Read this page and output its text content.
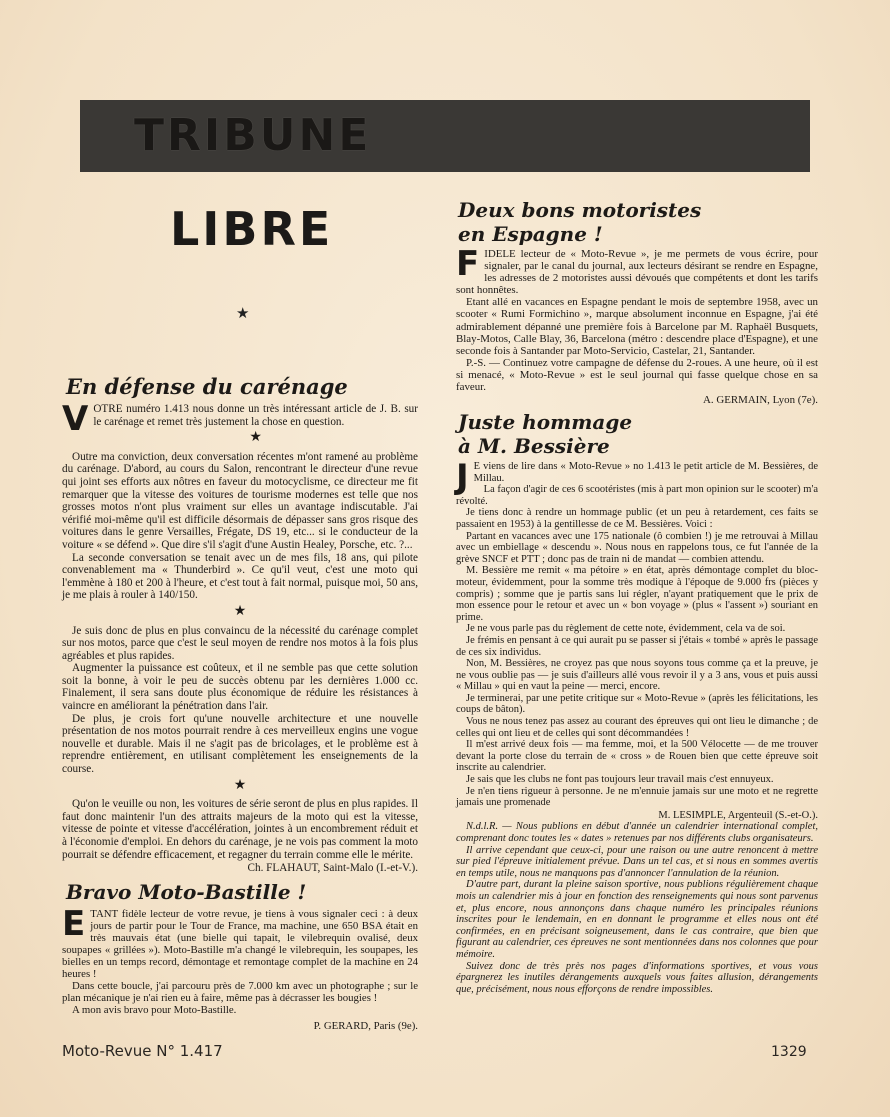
TRIBUNE
LIBRE
★
En défense du carénage

V OTRE numéro 1.413 nous donne un très intéressant article de J. B. sur le carénage et remet très justement la chose en question.

★

Outre ma conviction, deux conversation récentes m'ont ramené au problème du carénage. D'abord, au cours du Salon, rencontrant le directeur d'une revue qui joint ses efforts aux nôtres en faveur du motocyclisme, ce directeur me fit remarquer que la vitesse des voitures de tourisme modernes est telle que nos grosses motos n'ont plus vraiment sur elles un avantage indiscutable. J'ai vérifié moi-même qu'il est difficile désormais de dépasser sans gros risque des voitures dans le genre Versailles, Frégate, DS 19, etc... si le conducteur de la voiture « se défend ». Que dire s'il s'agit d'une Austin Healey, Porsche, etc. ?...

La seconde conversation se tenait avec un de mes fils, 18 ans, qui pilote convenablement ma « Thunderbird ». Ce qu'il veut, c'est une moto qui l'emmène à 180 et 200 à l'heure, et c'est tout à fait normal, puisque moi, 50 ans, je me plais à rouler à 140/150.

★

Je suis donc de plus en plus convaincu de la nécessité du carénage complet sur nos motos, parce que c'est le seul moyen de rendre nos motos à la fois plus agréables et plus rapides.

Augmenter la puissance est coûteux, et il ne semble pas que cette solution soit la bonne, à voir le peu de succès obtenu par les dernières 1.000 cc. Finalement, il sera sans doute plus économique de réduire les résistances à vaincre en améliorant la pénétration dans l'air.

De plus, je crois fort qu'une nouvelle architecture et une nouvelle présentation de nos motos pourrait rendre à ces merveilleux engins une vogue nouvelle et durable. Mais il ne s'agit pas de bricolages, et le problème est à reprendre entièrement, en utilisant complètement les enseignements de la course.

★

Qu'on le veuille ou non, les voitures de série seront de plus en plus rapides. Il faut donc maintenir l'un des attraits majeurs de la moto qui est la vitesse, vitesse de pointe et vitesse d'accélération, jointes à un encombrement réduit et à l'économie d'emploi. En dehors du carénage, je ne vois pas comment la moto pourrait se défendre efficacement, et regagner du terrain comme elle le mérite.

Ch. FLAHAUT, Saint-Malo (I.-et-V.).

Bravo Moto-Bastille !

E TANT fidèle lecteur de votre revue, je tiens à vous signaler ceci : à deux jours de partir pour le Tour de France, ma machine, une 650 BSA était en très mauvais état (une bielle qui tapait, le vilebrequin ovalisé, deux soupapes « grillées »). Moto-Bastille m'a changé le vilebrequin, les soupapes, les bielles en un temps record, démontage et remontage complet de la machine en 24 heures !

Dans cette boucle, j'ai parcouru près de 7.000 km avec un photographe ; sur le plan mécanique je n'ai rien eu à faire, même pas à décrasser les bougies !

A mon avis bravo pour Moto-Bastille.

P. GERARD, Paris (9e).

Deux bons motoristes
en Espagne !

F IDELE lecteur de « Moto-Revue », je me permets de vous écrire, pour signaler, par le canal du journal, aux lecteurs désirant se rendre en Espagne, les adresses de 2 motoristes aussi dévoués que compétents et dont les tarifs sont honnêtes.

Etant allé en vacances en Espagne pendant le mois de septembre 1958, avec un scooter « Rumi Formichino », marque absolument inconnue en Espagne, j'ai été admirablement dépanné une première fois à Barcelone par M. Raphaël Busquets, Blay-Motos, Calle Blay, 36, Barcelona (métro : descendre place d'Espagne), et une seconde fois à Santander par Moto-Servicio, Castelar, 21, Santander.

P.-S. — Continuez votre campagne de défense du 2-roues. A une heure, où il est si menacé, « Moto-Revue » est le seul journal qui fasse quelque chose en sa faveur.

A. GERMAIN, Lyon (7e).

Juste hommage
à M. Bessière

J E viens de lire dans « Moto-Revue » no 1.413 le petit article de M. Bessières, de Millau.

La façon d'agir de ces 6 scootéristes (mis à part mon opinion sur le scooter) m'a révolté.

Je tiens donc à rendre un hommage public (et un peu à retardement, ces faits se passaient en 1953) à la gentillesse de ce M. Bessières. Voici :

Partant en vacances avec une 175 nationale (ô combien !) je me retrouvai à Millau avec un embiellage « descendu ». Nous nous en rappelons tous, ce fut l'année de la grève SNCF et PTT ; donc pas de train ni de mandat — combien attendu.

M. Bessière me remit « ma pétoire » en état, après démontage complet du bloc-moteur, évidemment, pour la somme très modique à l'époque de 9.000 frs (pièces y compris) ; somme que je partis sans lui régler, n'ayant pratiquement que le prix de mon essence pour le retour et avec un « bon voyage » (plus « l'assent ») souriant en prime.

Je ne vous parle pas du règlement de cette note, évidemment, cela va de soi.

Je frémis en pensant à ce qui aurait pu se passer si j'étais « tombé » après le passage de ces six individus.

Non, M. Bessières, ne croyez pas que nous soyons tous comme ça et la preuve, je ne vous oublie pas — je suis d'ailleurs allé vous revoir il y a 3 ans, vous et puis aussi « Millau » qui en vaut la peine — merci, encore.

Je terminerai, par une petite critique sur « Moto-Revue » (après les félicitations, les coups de bâton).

Vous ne nous tenez pas assez au courant des épreuves qui ont lieu le dimanche ; de celles qui ont lieu et de celles qui sont décommandées !

Il m'est arrivé deux fois — ma femme, moi, et la 500 Vélocette — de me trouver devant la porte close du terrain de « cross » de Rouen bien que cette épreuve soit inscrite au calendrier.

Je sais que les clubs ne font pas toujours leur travail mais c'est ennuyeux.

Je n'en tiens rigueur à personne. Je ne m'ennuie jamais sur une moto et ne regrette jamais une promenade

M. LESIMPLE, Argenteuil (S.-et-O.).

N.d.l.R. — Nous publions en début d'année un calendrier international complet, comprenant donc toutes les « dates » retenues par nos différents clubs organisateurs.

Il arrive cependant que ceux-ci, pour une raison ou une autre renoncent à mettre sur pied l'épreuve initialement prévue. Dans un tel cas, et si nous en sommes avertis en temps utile, nous ne manquons pas d'annoncer l'annulation de la réunion.

D'autre part, durant la pleine saison sportive, nous publions régulièrement chaque mois un calendrier mis à jour en fonction des renseignements qui nous sont parvenus et, plus encore, nous annonçons dans chaque numéro les principales réunions inscrites pour le lendemain, en en donnant le programme et elles nous ont été confirmées, en en précisant soigneusement, dans le cas contraire, que bien que figurant au calendrier, ces épreuves ne sont mentionnées dans nos colonnes que pour mémoire.

Suivez donc de très près nos pages d'informations sportives, et vous vous épargnerez les inutiles dérangements auxquels vous faites allusion, dérangements que, précisément, nous nous efforçons de rendre impossibles.

Moto-Revue N° 1.417	1329
